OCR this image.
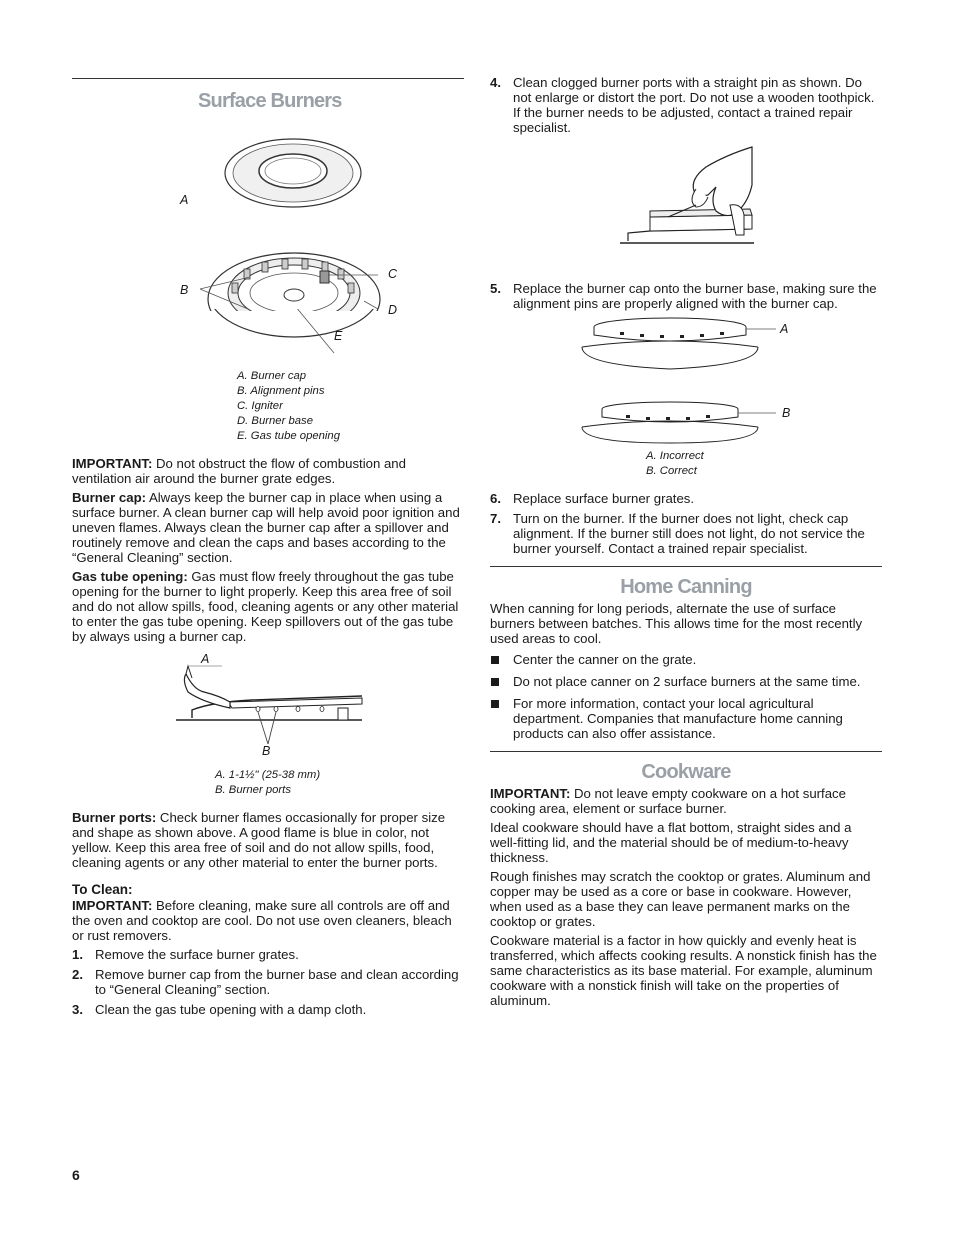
Surface Burners
A
B
C
D
E
A. Burner cap
B. Alignment pins
C. Igniter
D. Burner base
E. Gas tube opening

IMPORTANT: Do not obstruct the flow of combustion and ventilation air around the burner grate edges.

Burner cap: Always keep the burner cap in place when using a surface burner. A clean burner cap will help avoid poor ignition and uneven flames. Always clean the burner cap after a spillover and routinely remove and clean the caps and bases according to the “General Cleaning” section.

Gas tube opening: Gas must flow freely throughout the gas tube opening for the burner to light properly. Keep this area free of soil and do not allow spills, food, cleaning agents or any other material to enter the gas tube opening. Keep spillovers out of the gas tube by always using a burner cap.

A
B
A. 1-1½" (25-38 mm)
B. Burner ports

Burner ports: Check burner flames occasionally for proper size and shape as shown above. A good flame is blue in color, not yellow. Keep this area free of soil and do not allow spills, food, cleaning agents or any other material to enter the burner ports.

To Clean:

IMPORTANT: Before cleaning, make sure all controls are off and the oven and cooktop are cool. Do not use oven cleaners, bleach or rust removers.

1. Remove the surface burner grates.
2. Remove burner cap from the burner base and clean according to “General Cleaning” section.
3. Clean the gas tube opening with a damp cloth.
4. Clean clogged burner ports with a straight pin as shown. Do not enlarge or distort the port. Do not use a wooden toothpick. If the burner needs to be adjusted, contact a trained repair specialist.
5. Replace the burner cap onto the burner base, making sure the alignment pins are properly aligned with the burner cap.
A
B
A. Incorrect
B. Correct
6. Replace surface burner grates.
7. Turn on the burner. If the burner does not light, check cap alignment. If the burner still does not light, do not service the burner yourself. Contact a trained repair specialist.
Home Canning

When canning for long periods, alternate the use of surface burners between batches. This allows time for the most recently used areas to cool.

Center the canner on the grate.
Do not place canner on 2 surface burners at the same time.
For more information, contact your local agricultural department. Companies that manufacture home canning products can also offer assistance.
Cookware

IMPORTANT: Do not leave empty cookware on a hot surface cooking area, element or surface burner.

Ideal cookware should have a flat bottom, straight sides and a well-fitting lid, and the material should be of medium-to-heavy thickness.

Rough finishes may scratch the cooktop or grates. Aluminum and copper may be used as a core or base in cookware. However, when used as a base they can leave permanent marks on the cooktop or grates.

Cookware material is a factor in how quickly and evenly heat is transferred, which affects cooking results. A nonstick finish has the same characteristics as its base material. For example, aluminum cookware with a nonstick finish will take on the properties of aluminum.

6
